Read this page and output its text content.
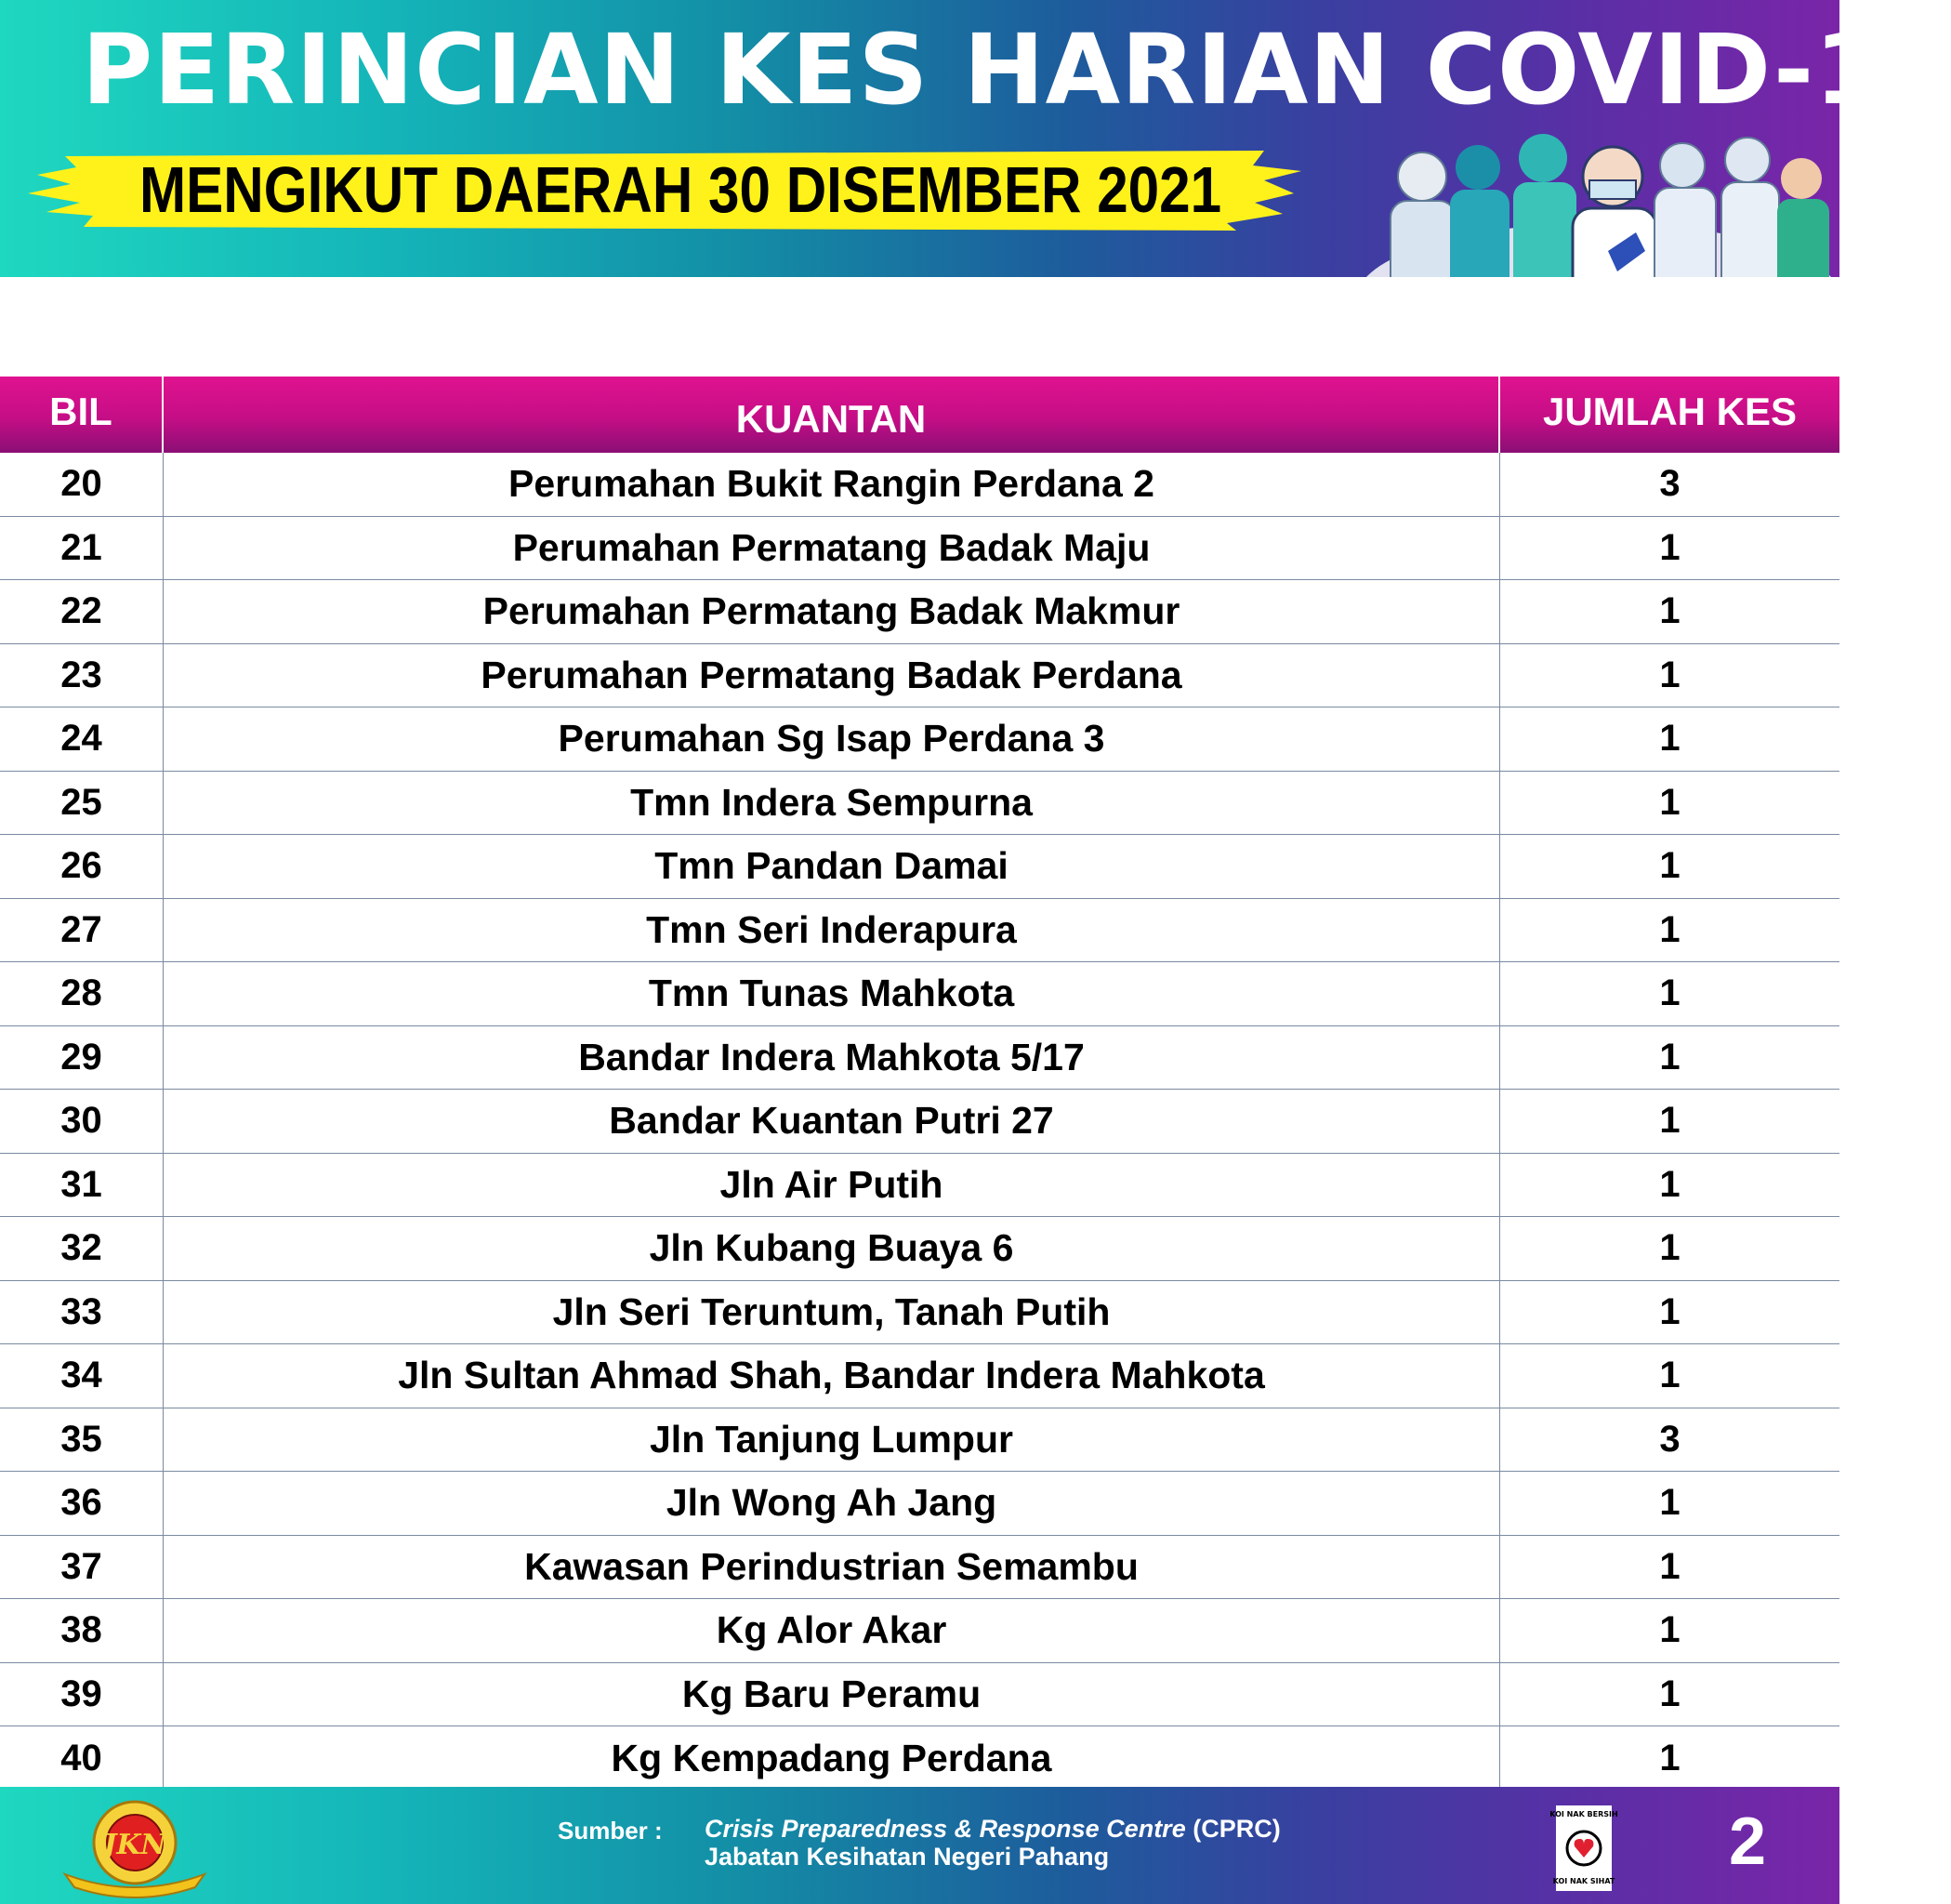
PERINCIAN KES HARIAN COVID-19
MENGIKUT DAERAH 30 DISEMBER 2021
BIL	KUANTAN	JUMLAH KES
20	Perumahan Bukit Rangin Perdana 2	3
21	Perumahan Permatang Badak Maju	1
22	Perumahan Permatang Badak Makmur	1
23	Perumahan Permatang Badak Perdana	1
24	Perumahan Sg Isap Perdana 3	1
25	Tmn Indera Sempurna	1
26	Tmn Pandan Damai	1
27	Tmn Seri Inderapura	1
28	Tmn Tunas Mahkota	1
29	Bandar Indera Mahkota 5/17	1
30	Bandar Kuantan Putri 27	1
31	Jln Air Putih	1
32	Jln Kubang Buaya 6	1
33	Jln Seri Teruntum, Tanah Putih	1
34	Jln Sultan Ahmad Shah, Bandar Indera Mahkota	1
35	Jln Tanjung Lumpur	3
36	Jln Wong Ah Jang	1
37	Kawasan Perindustrian Semambu	1
38	Kg Alor Akar	1
39	Kg Baru Peramu	1
40	Kg Kempadang Perdana	1
JKN	Sumber : Crisis Preparedness & Response Centre (CPRC)
Jabatan Kesihatan Negeri Pahang
KOI NAK BERSIH
KOI NAK SIHAT
2
